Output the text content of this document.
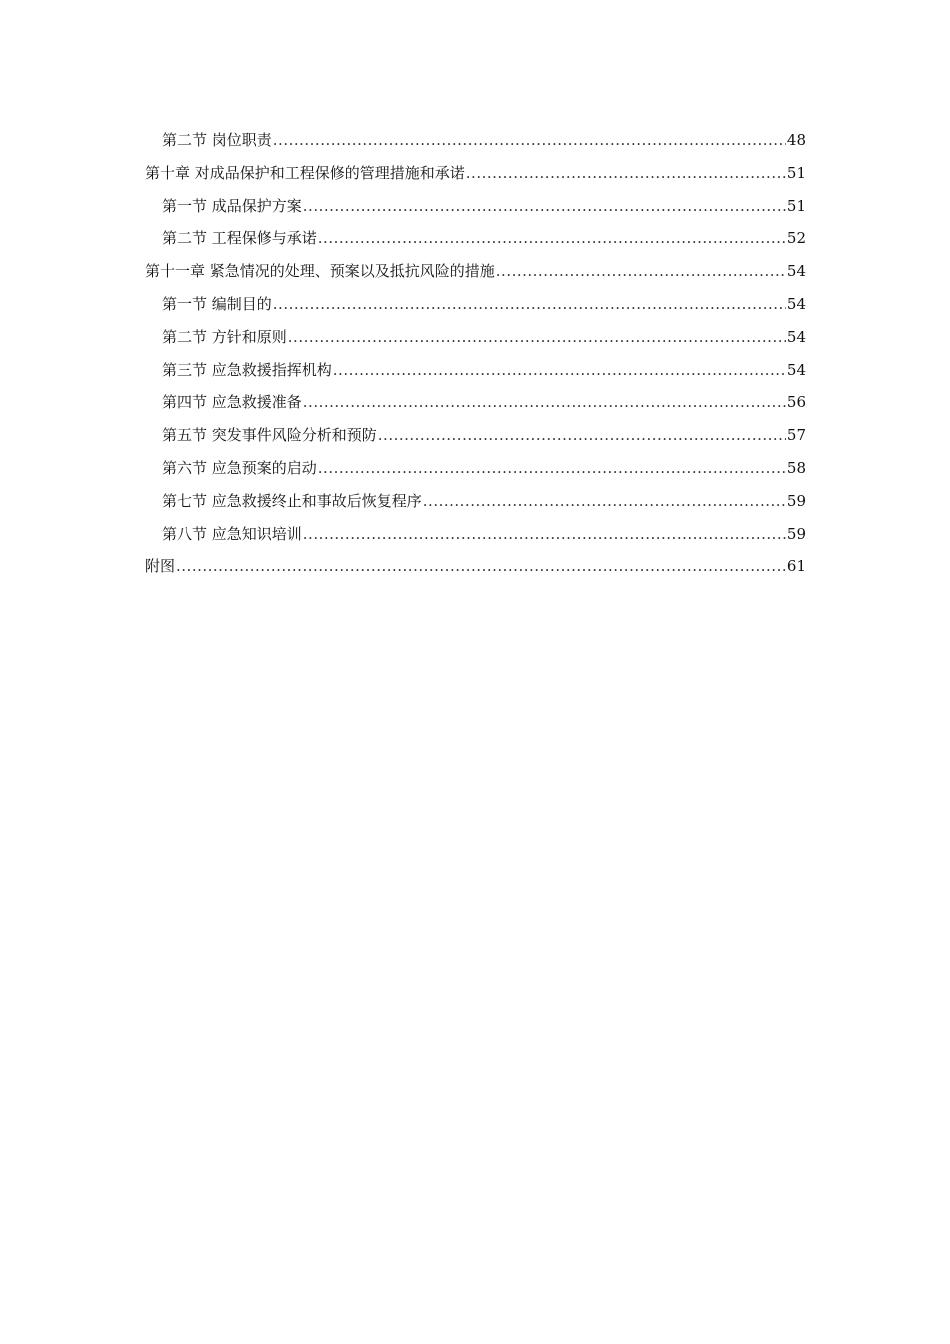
第二节 岗位职责 .....	48
第十章 对成品保护和工程保修的管理措施和承诺 .....	51
第一节 成品保护方案 .....	51
第二节 工程保修与承诺 .....	52
第十一章 紧急情况的处理、预案以及抵抗风险的措施 .....	54
第一节 编制目的 .....	54
第二节 方针和原则 .....	54
第三节 应急救援指挥机构 .....	54
第四节 应急救援准备 .....	56
第五节 突发事件风险分析和预防 .....	57
第六节 应急预案的启动 .....	58
第七节 应急救援终止和事故后恢复程序 .....	59
第八节 应急知识培训 .....	59
附图 .....	61
